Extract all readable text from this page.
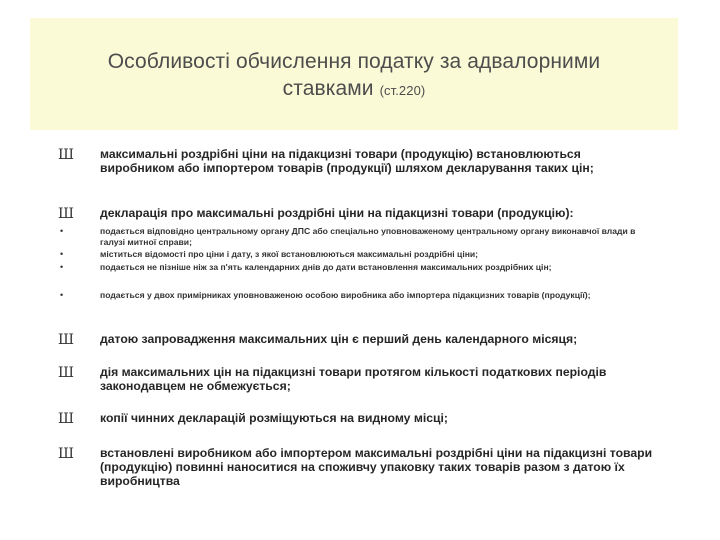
Особливості обчислення податку за адвалорними
ставками (ст.220)
Ш максимальні роздрібні ціни на підакцизні товари (продукцію) встановлюються виробником або імпортером товарів (продукції) шляхом декларування таких цін;
Ш декларація про максимальні роздрібні ціни на підакцизні товари (продукцію):
•	подається відповідно центральному органу ДПС або спеціально уповноваженому центральному органу виконавчої влади в галузі митної справи;
•	міститься відомості про ціни і дату, з якої встановлюються максимальні роздрібні ціни;
•	подається не пізніше ніж за п'ять календарних днів до дати встановлення максимальних роздрібних цін;
•	подається у двох примірниках уповноваженою особою виробника або імпортера підакцизних товарів (продукції);
Ш датою запровадження максимальних цін є перший день календарного місяця;
Ш дія максимальних цін на підакцизні товари протягом кількості податкових періодів законодавцем не обмежується;
Ш копії чинних декларацій розміщуються на видному місці;
Ш встановлені виробником або імпортером максимальні роздрібні ціни на підакцизні товари (продукцію) повинні наноситися на споживчу упаковку таких товарів разом з датою їх виробництва
